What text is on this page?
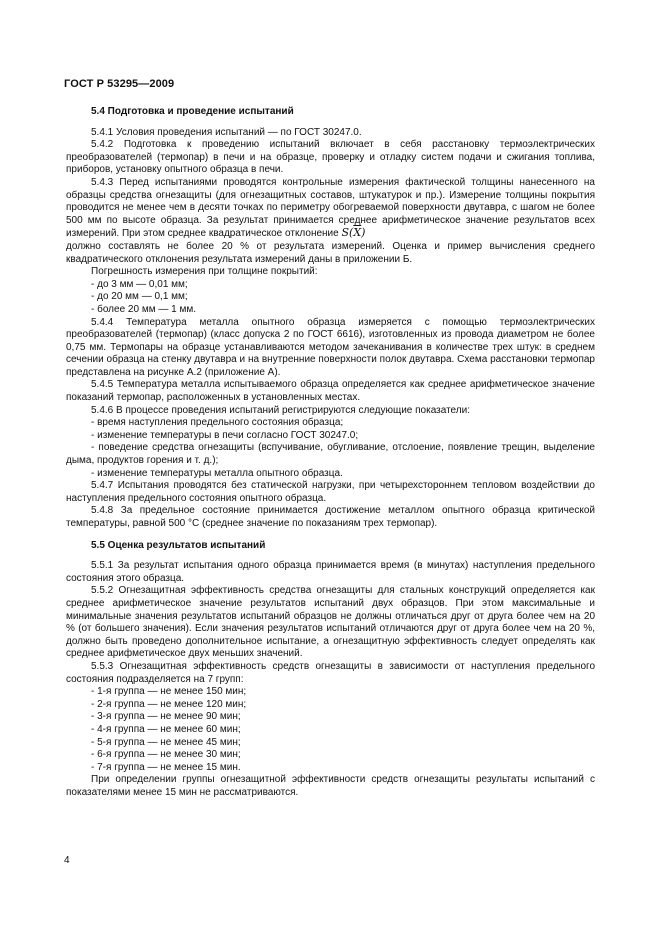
ГОСТ Р 53295—2009

5.4 Подготовка и проведение испытаний

5.4.1 Условия проведения испытаний — по ГОСТ 30247.0.

5.4.2 Подготовка к проведению испытаний включает в себя расстановку термоэлектрических преобразователей (термопар) в печи и на образце, проверку и отладку систем подачи и сжигания топлива, приборов, установку опытного образца в печи.

5.4.3 Перед испытаниями проводятся контрольные измерения фактической толщины нанесенного на образцы средства огнезащиты (для огнезащитных составов, штукатурок и пр.). Измерение толщины покрытия проводится не менее чем в десяти точках по периметру обогреваемой поверхности двутавра, с шагом не более 500 мм по высоте образца. За результат принимается среднее арифметическое значение результатов всех измерений. При этом среднее квадратическое отклонение $S(\overline{X})$

должно составлять не более 20 % от результата измерений. Оценка и пример вычисления среднего квадратического отклонения результата измерений даны в приложении Б.

Погрешность измерения при толщине покрытий:

- до 3 мм — 0,01 мм;

- до 20 мм — 0,1 мм;

- более 20 мм — 1 мм.

5.4.4 Температура металла опытного образца измеряется с помощью термоэлектрических преобразователей (термопар) (класс допуска 2 по ГОСТ 6616), изготовленных из провода диаметром не более 0,75 мм. Термопары на образце устанавливаются методом зачеканивания в количестве трех штук: в среднем сечении образца на стенку двутавра и на внутренние поверхности полок двутавра. Схема расстановки термопар представлена на рисунке А.2 (приложение А).

5.4.5 Температура металла испытываемого образца определяется как среднее арифметическое значение показаний термопар, расположенных в установленных местах.

5.4.6 В процессе проведения испытаний регистрируются следующие показатели:

- время наступления предельного состояния образца;

- изменение температуры в печи согласно ГОСТ 30247.0;

- поведение средства огнезащиты (вспучивание, обугливание, отслоение, появление трещин, выделение дыма, продуктов горения и т. д.);

- изменение температуры металла опытного образца.

5.4.7 Испытания проводятся без статической нагрузки, при четырехстороннем тепловом воздействии до наступления предельного состояния опытного образца.

5.4.8 За предельное состояние принимается достижение металлом опытного образца критической температуры, равной 500 °С (среднее значение по показаниям трех термопар).

5.5 Оценка результатов испытаний

5.5.1 За результат испытания одного образца принимается время (в минутах) наступления предельного состояния этого образца.

5.5.2 Огнезащитная эффективность средства огнезащиты для стальных конструкций определяется как среднее арифметическое значение результатов испытаний двух образцов. При этом максимальные и минимальные значения результатов испытаний образцов не должны отличаться друг от друга более чем на 20 % (от большего значения). Если значения результатов испытаний отличаются друг от друга более чем на 20 %, должно быть проведено дополнительное испытание, а огнезащитную эффективность следует определять как среднее арифметическое двух меньших значений.

5.5.3 Огнезащитная эффективность средств огнезащиты в зависимости от наступления предельного состояния подразделяется на 7 групп:

- 1-я группа — не менее 150 мин;

- 2-я группа — не менее 120 мин;

- 3-я группа — не менее 90 мин;

- 4-я группа — не менее 60 мин;

- 5-я группа — не менее 45 мин;

- 6-я группа — не менее 30 мин;

- 7-я группа — не менее 15 мин.

При определении группы огнезащитной эффективности средств огнезащиты результаты испытаний с показателями менее 15 мин не рассматриваются.

4
